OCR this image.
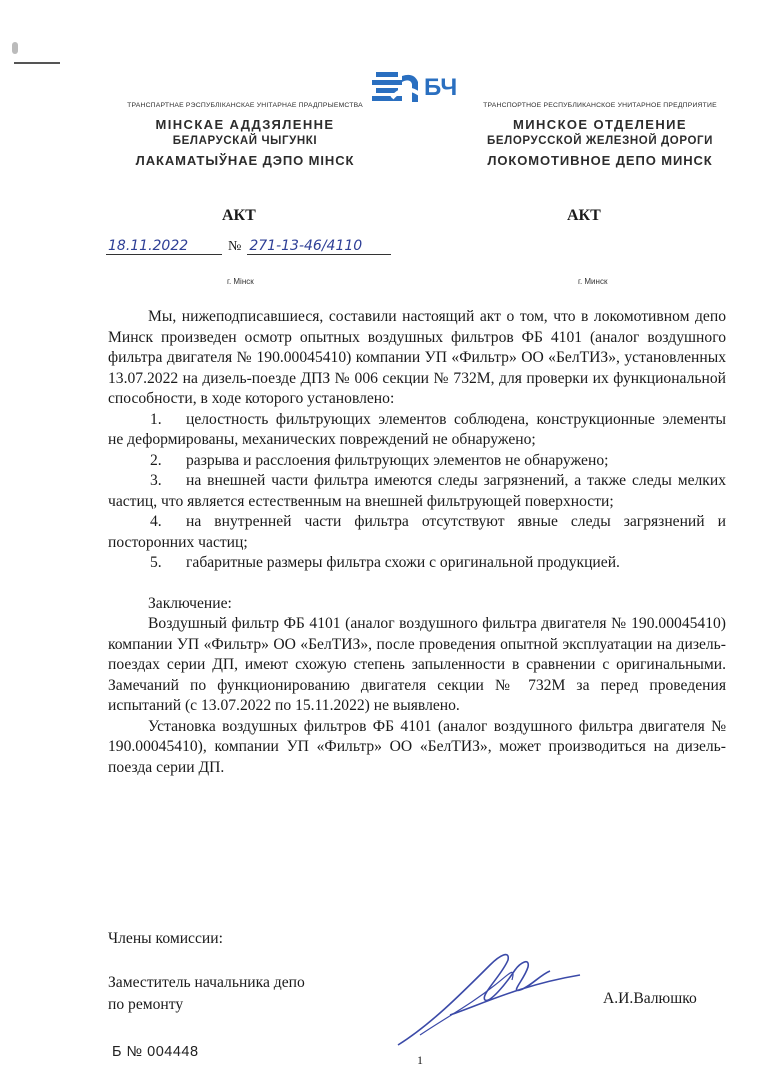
БЧ
ТРАНСПАРТНАЕ РЭСПУБЛІКАНСКАЕ УНІТАРНАЕ ПРАДПРЫЕМСТВА
МІНСКАЕ АДДЗЯЛЕННЕ
БЕЛАРУСКАЙ ЧЫГУНКІ
ЛАКАМАТЫЎНАЕ ДЭПО МІНСК
ТРАНСПОРТНОЕ РЕСПУБЛИКАНСКОЕ УНИТАРНОЕ ПРЕДПРИЯТИЕ
МИНСКОЕ ОТДЕЛЕНИЕ
БЕЛОРУССКОЙ ЖЕЛЕЗНОЙ ДОРОГИ
ЛОКОМОТИВНОЕ ДЕПО МИНСК
АКТ	АКТ
18.11.2022	№ 271-13-46/4110
г. Мінск	г. Минск

Мы, нижеподписавшиеся, составили настоящий акт о том, что в локомотивном депо Минск произведен осмотр опытных воздушных фильтров ФБ 4101 (аналог воздушного фильтра двигателя № 190.00045410) компании УП «Фильтр» ОО «БелТИЗ», установленных 13.07.2022 на дизель-поезде ДПЗ № 006 секции № 732М, для проверки их функциональной способности, в ходе которого установлено:

1. целостность фильтрующих элементов соблюдена, конструкционные элементы не деформированы, механических повреждений не обнаружено;

2. разрыва и расслоения фильтрующих элементов не обнаружено;

3. на внешней части фильтра имеются следы загрязнений, а также следы мелких частиц, что является естественным на внешней фильтрующей поверхности;

4. на внутренней части фильтра отсутствуют явные следы загрязнений и посторонних частиц;

5. габаритные размеры фильтра схожи с оригинальной продукцией.

Заключение:

Воздушный фильтр ФБ 4101 (аналог воздушного фильтра двигателя № 190.00045410) компании УП «Фильтр» ОО «БелТИЗ», после проведения опытной эксплуатации на дизель-поездах серии ДП, имеют схожую степень запыленности в сравнении с оригинальными. Замечаний по функционированию двигателя секции № 732М за перед проведения испытаний (с 13.07.2022 по 15.11.2022) не выявлено.

Установка воздушных фильтров ФБ 4101 (аналог воздушного фильтра двигателя № 190.00045410), компании УП «Фильтр» ОО «БелТИЗ», может производиться на дизель-поезда серии ДП.

Члены комиссии:
Заместитель начальника депо
по ремонту	А.И.Валюшко
Б № 004448	1
